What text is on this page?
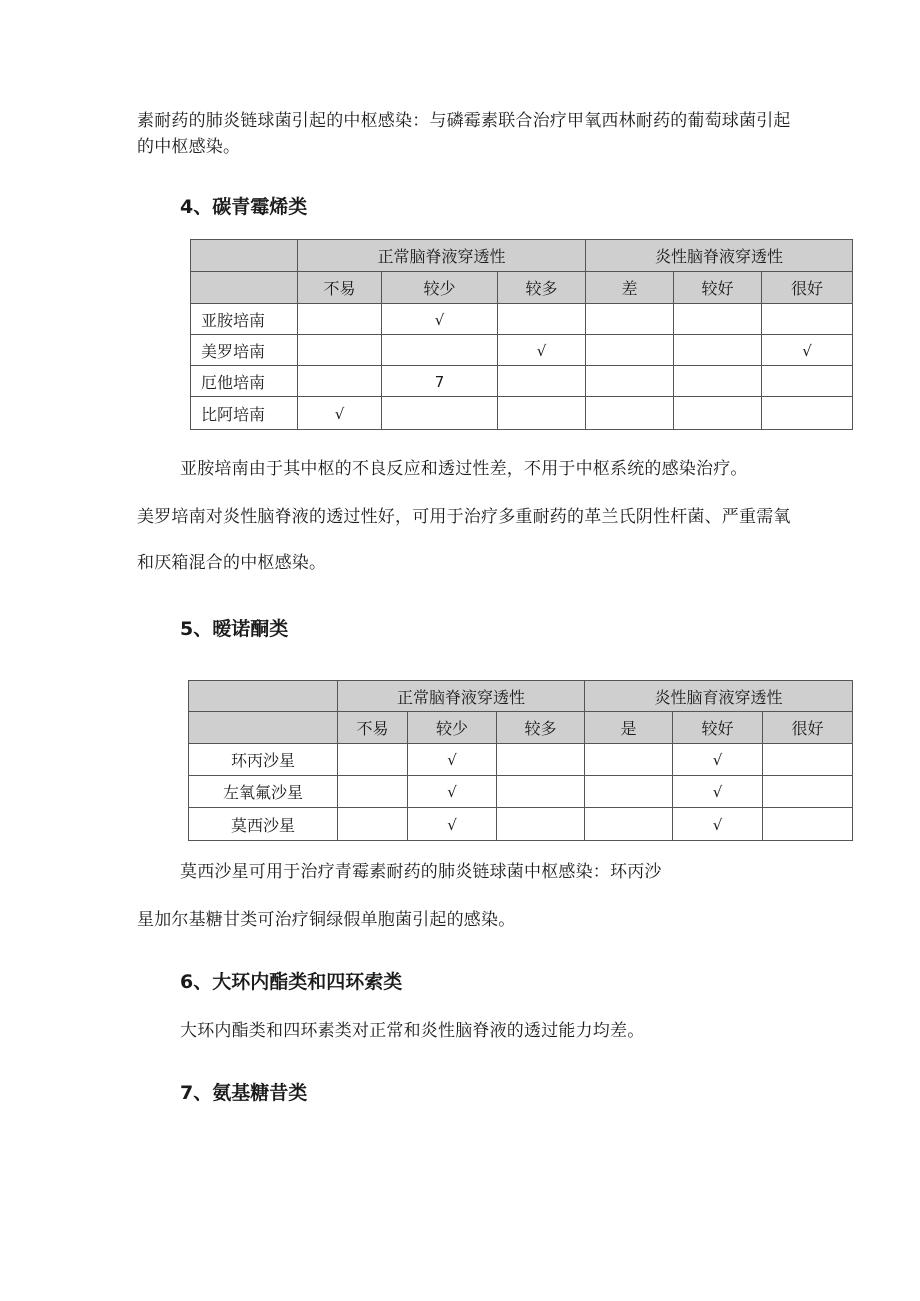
素耐药的肺炎链球菌引起的中枢感染：与磷霉素联合治疗甲氧西林耐药的葡萄球菌引起
的中枢感染。
4、碳青霉烯类
	正常脑脊液穿透性			炎性脑脊液穿透性		
	不易	较少	较多	差	较好	很好
亚胺培南		√				
美罗培南			√			√
厄他培南		7				
比阿培南	√					
亚胺培南由于其中枢的不良反应和透过性差，不用于中枢系统的感染治疗。
美罗培南对炎性脑脊液的透过性好，可用于治疗多重耐药的革兰氏阴性杆菌、严重需氧
和厌箱混合的中枢感染。
5、暧诺酮类
	正常脑脊液穿透性			炎性脑育液穿透性		
	不易	较少	较多	是	较好	很好
环丙沙星		√			√	
左氧氟沙星		√			√	
莫西沙星		√			√	
莫西沙星可用于治疗青霉素耐药的肺炎链球菌中枢感染：环丙沙
星加尔基糖甘类可治疗铜绿假单胞菌引起的感染。
6、大环内酯类和四环索类
大环内酯类和四环素类对正常和炎性脑脊液的透过能力均差。
7、氨基糖昔类
